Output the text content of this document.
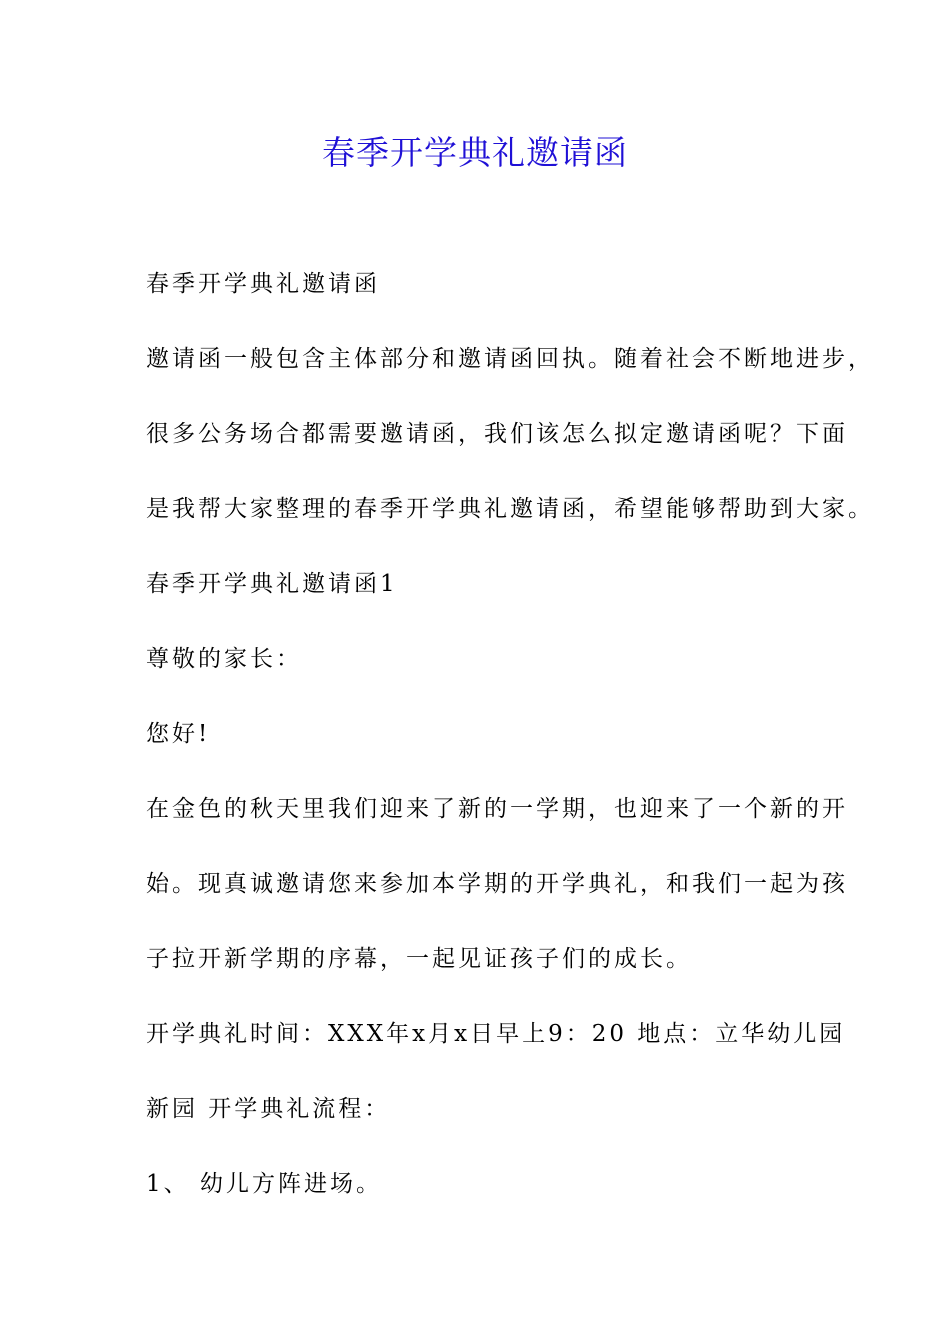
春季开学典礼邀请函

春季开学典礼邀请函

邀请函一般包含主体部分和邀请函回执。随着社会不断地进步，

很多公务场合都需要邀请函，我们该怎么拟定邀请函呢？下面

是我帮大家整理的春季开学典礼邀请函，希望能够帮助到大家。

春季开学典礼邀请函1

尊敬的家长：

您好!

在金色的秋天里我们迎来了新的一学期，也迎来了一个新的开

始。现真诚邀请您来参加本学期的开学典礼，和我们一起为孩

子拉开新学期的序幕，一起见证孩子们的成长。

开学典礼时间：XXX年x月x日早上9：20 地点：立华幼儿园

新园 开学典礼流程：

1、 幼儿方阵进场。
